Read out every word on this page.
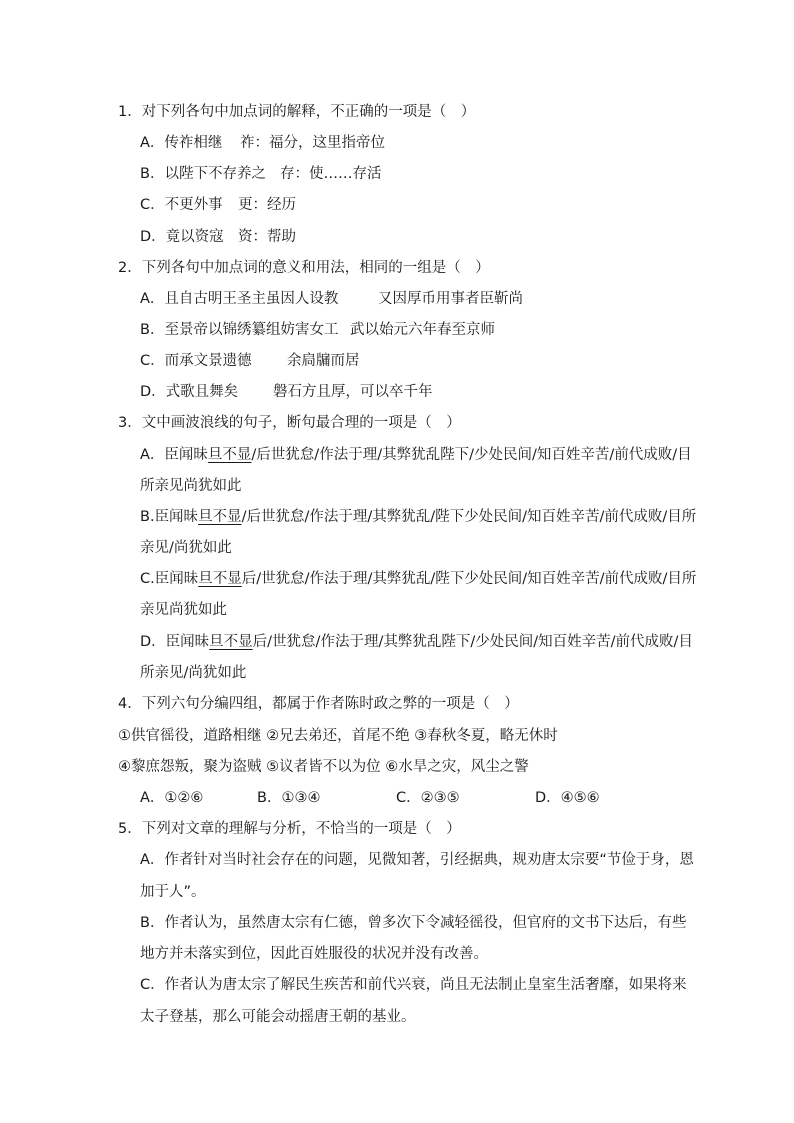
1．对下列各句中加点词的解释，不正确的一项是（　）
A．传祚相继 祚：福分，这里指帝位
B．以陛下不存养之 存：使……存活
C．不更外事 更：经历
D．竟以资寇 资：帮助
2．下列各句中加点词的意义和用法，相同的一组是（　）
A．且自古明王圣主虽因人设教	又因厚币用事者臣靳尚
B．至景帝以锦绣纂组妨害女工 武以始元六年春至京师
C．而承文景遗德 余扃牖而居
D．式歌且舞矣 磐石方且厚，可以卒千年
3．文中画波浪线的句子，断句最合理的一项是（　）
A．臣闻昧旦不显/后世犹怠/作法于理/其弊犹乱陛下/少处民间/知百姓辛苦/前代成败/目
所亲见尚犹如此
B.臣闻昧旦不显/后世犹怠/作法于理/其弊犹乱/陛下少处民间/知百姓辛苦/前代成败/目所
亲见/尚犹如此
C.臣闻昧旦不显后/世犹怠/作法于理/其弊犹乱/陛下少处民间/知百姓辛苦/前代成败/目所
亲见尚犹如此
D．臣闻昧旦不显后/世犹怠/作法于理/其弊犹乱陛下/少处民间/知百姓辛苦/前代成败/目
所亲见/尚犹如此
4．下列六句分编四组，都属于作者陈时政之弊的一项是（　）
①供官徭役，道路相继 ②兄去弟还，首尾不绝 ③春秋冬夏，略无休时
④黎庶怨叛，聚为盗贼 ⑤议者皆不以为位 ⑥水旱之灾，风尘之警
A．①②⑥	B．①③④	C．②③⑤	D．④⑤⑥
5．下列对文章的理解与分析，不恰当的一项是（　）
A．作者针对当时社会存在的问题，见微知著，引经据典，规劝唐太宗要“节俭于身，恩
加于人”。
B．作者认为，虽然唐太宗有仁德，曾多次下令减轻徭役，但官府的文书下达后，有些
地方并未落实到位，因此百姓服役的状况并没有改善。
C．作者认为唐太宗了解民生疾苦和前代兴衰，尚且无法制止皇室生活奢靡，如果将来
太子登基，那么可能会动摇唐王朝的基业。
